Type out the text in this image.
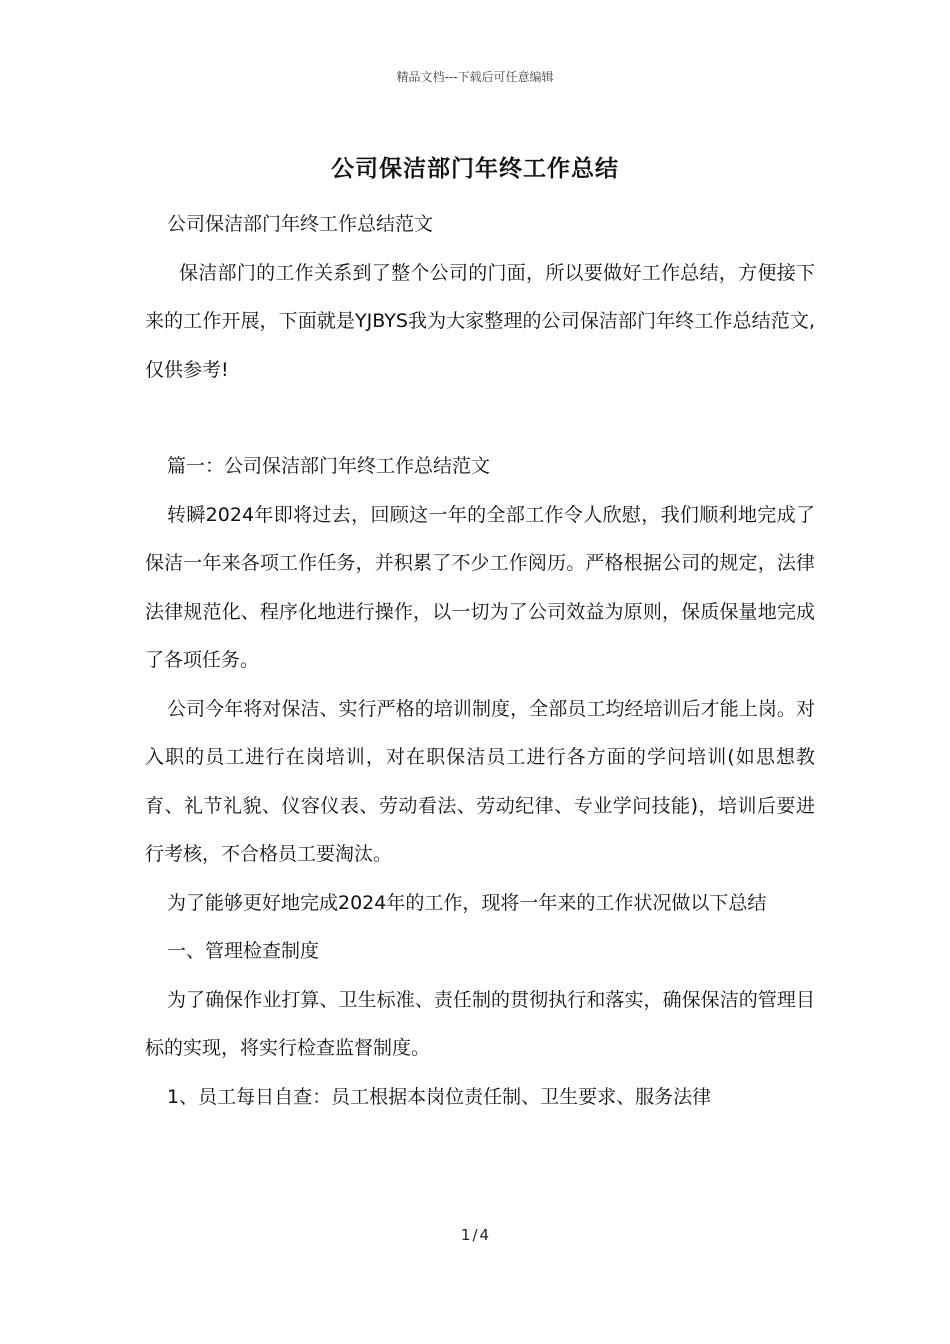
精品文档---下载后可任意编辑
公司保洁部门年终工作总结

公司保洁部门年终工作总结范文

保洁部门的工作关系到了整个公司的门面，所以要做好工作总结，方便接下来的工作开展，下面就是YJBYS我为大家整理的公司保洁部门年终工作总结范文,仅供参考!

篇一：公司保洁部门年终工作总结范文

转瞬2024年即将过去，回顾这一年的全部工作令人欣慰，我们顺利地完成了保洁一年来各项工作任务，并积累了不少工作阅历。严格根据公司的规定，法律法律规范化、程序化地进行操作，以一切为了公司效益为原则，保质保量地完成了各项任务。

公司今年将对保洁、实行严格的培训制度，全部员工均经培训后才能上岗。对入职的员工进行在岗培训，对在职保洁员工进行各方面的学问培训(如思想教育、礼节礼貌、仪容仪表、劳动看法、劳动纪律、专业学问技能)，培训后要进行考核，不合格员工要淘汰。

为了能够更好地完成2024年的工作，现将一年来的工作状况做以下总结

一、管理检查制度

为了确保作业打算、卫生标准、责任制的贯彻执行和落实，确保保洁的管理目标的实现，将实行检查监督制度。

1、员工每日自查：员工根据本岗位责任制、卫生要求、服务法律

1 / 4
